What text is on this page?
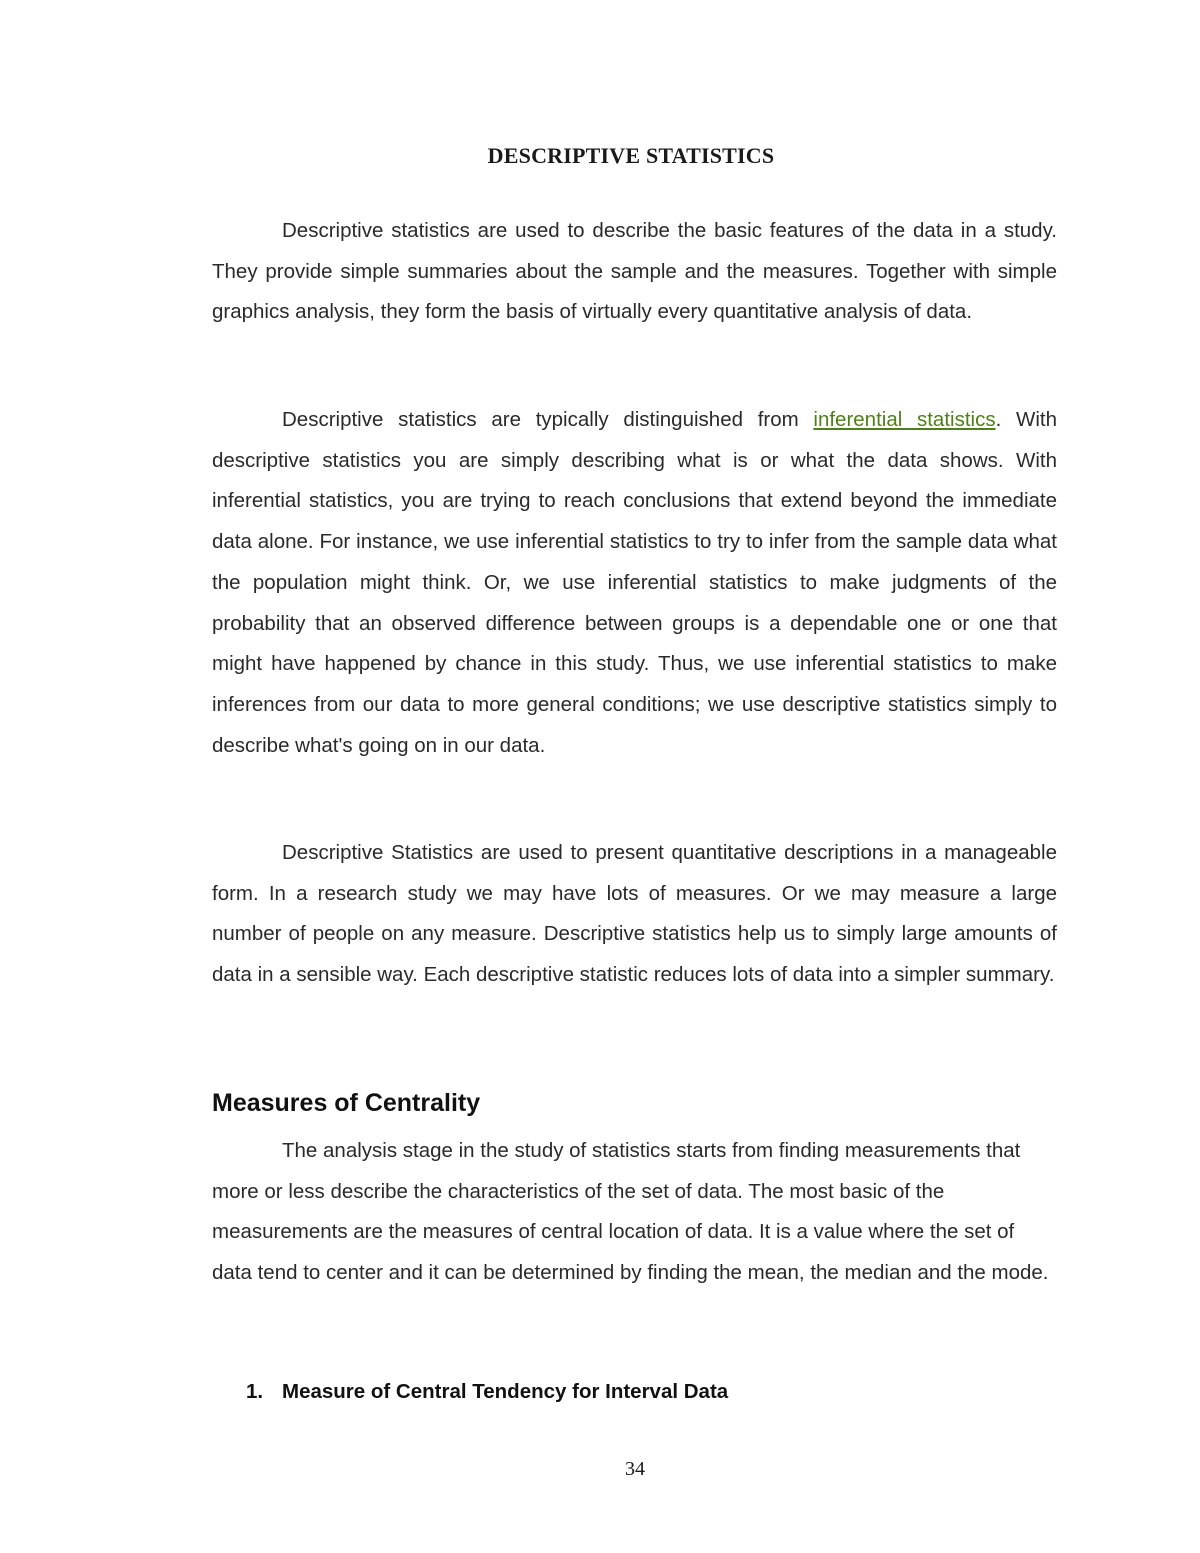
DESCRIPTIVE STATISTICS

Descriptive statistics are used to describe the basic features of the data in a study. They provide simple summaries about the sample and the measures. Together with simple graphics analysis, they form the basis of virtually every quantitative analysis of data.

Descriptive statistics are typically distinguished from inferential statistics. With descriptive statistics you are simply describing what is or what the data shows. With inferential statistics, you are trying to reach conclusions that extend beyond the immediate data alone. For instance, we use inferential statistics to try to infer from the sample data what the population might think. Or, we use inferential statistics to make judgments of the probability that an observed difference between groups is a dependable one or one that might have happened by chance in this study. Thus, we use inferential statistics to make inferences from our data to more general conditions; we use descriptive statistics simply to describe what's going on in our data.

Descriptive Statistics are used to present quantitative descriptions in a manageable form. In a research study we may have lots of measures. Or we may measure a large number of people on any measure. Descriptive statistics help us to simply large amounts of data in a sensible way. Each descriptive statistic reduces lots of data into a simpler summary.

Measures of Centrality

The analysis stage in the study of statistics starts from finding measurements that more or less describe the characteristics of the set of data. The most basic of the measurements are the measures of central location of data. It is a value where the set of data tend to center and it can be determined by finding the mean, the median and the mode.

1. Measure of Central Tendency for Interval Data

34
